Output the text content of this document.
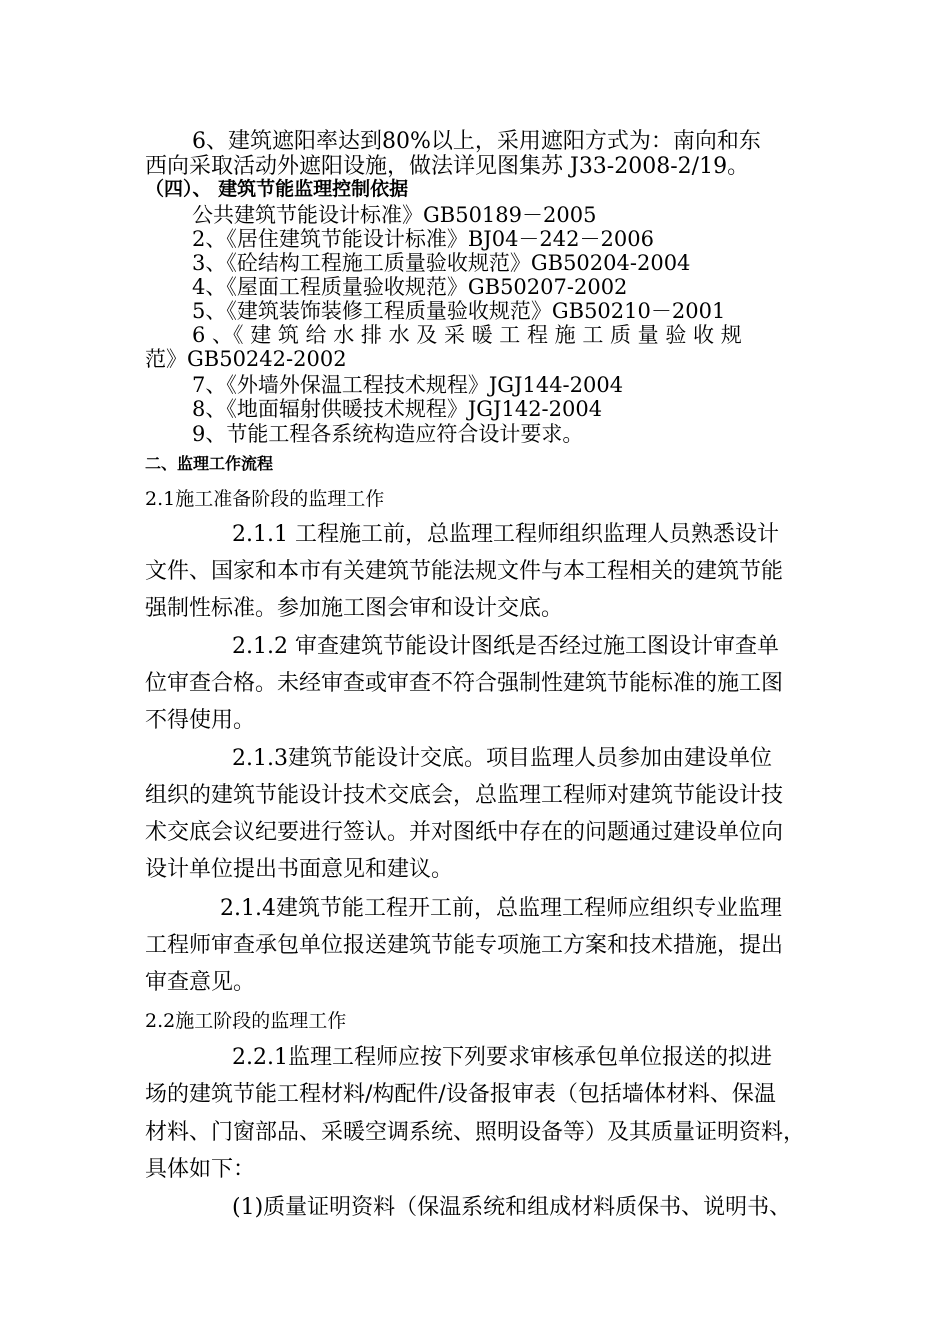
6、建筑遮阳率达到80%以上，采用遮阳方式为：南向和东
西向采取活动外遮阳设施，做法详见图集苏 J33-2008-2/19。
（四）、 建筑节能监理控制依据
公共建筑节能设计标准》GB50189－2005
2、《居住建筑节能设计标准》BJ04－242－2006
3、《砼结构工程施工质量验收规范》GB50204-2004
4、《屋面工程质量验收规范》GB50207-2002
5、《建筑装饰装修工程质量验收规范》GB50210－2001
6 、《 建 筑 给 水 排 水 及 采 暖 工 程 施 工 质 量 验 收 规
范》GB50242-2002
7、《外墙外保温工程技术规程》JGJ144-2004
8、《地面辐射供暖技术规程》JGJ142-2004
9、节能工程各系统构造应符合设计要求。
二、监理工作流程
2.1施工准备阶段的监理工作
2.1.1 工程施工前，总监理工程师组织监理人员熟悉设计
文件、国家和本市有关建筑节能法规文件与本工程相关的建筑节能
强制性标准。参加施工图会审和设计交底。
2.1.2 审查建筑节能设计图纸是否经过施工图设计审查单
位审查合格。未经审查或审查不符合强制性建筑节能标准的施工图
不得使用。
2.1.3建筑节能设计交底。项目监理人员参加由建设单位
组织的建筑节能设计技术交底会，总监理工程师对建筑节能设计技
术交底会议纪要进行签认。并对图纸中存在的问题通过建设单位向
设计单位提出书面意见和建议。
2.1.4建筑节能工程开工前，总监理工程师应组织专业监理
工程师审查承包单位报送建筑节能专项施工方案和技术措施，提出
审查意见。
2.2施工阶段的监理工作
2.2.1监理工程师应按下列要求审核承包单位报送的拟进
场的建筑节能工程材料/构配件/设备报审表（包括墙体材料、保温
材料、门窗部品、采暖空调系统、照明设备等）及其质量证明资料，
具体如下：
(1)质量证明资料（保温系统和组成材料质保书、说明书、
